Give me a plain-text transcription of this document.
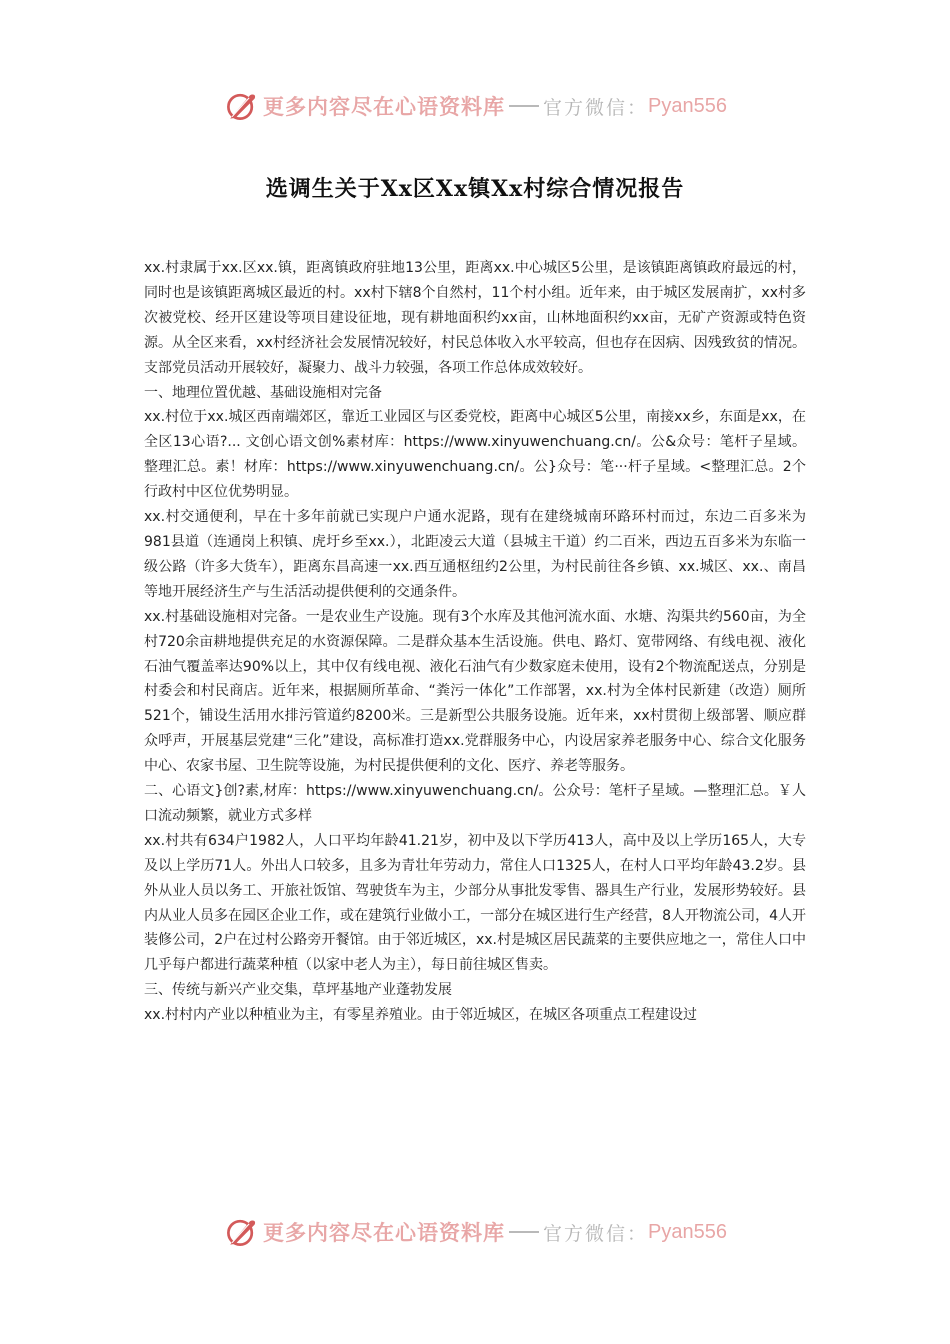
更多内容尽在心语资料库 官方微信： Pyan556
选调生关于Xx区Xx镇Xx村综合情况报告

xx.村隶属于xx.区xx.镇，距离镇政府驻地13公里，距离xx.中心城区5公里，是该镇距离镇政府最远的村，同时也是该镇距离城区最近的村。xx村下辖8个自然村，11个村小组。近年来，由于城区发展南扩，xx村多次被党校、经开区建设等项目建设征地，现有耕地面积约xx亩，山林地面积约xx亩，无矿产资源或特色资源。从全区来看，xx村经济社会发展情况较好，村民总体收入水平较高，但也存在因病、因残致贫的情况。支部党员活动开展较好，凝聚力、战斗力较强，各项工作总体成效较好。

一、地理位置优越、基础设施相对完备

xx.村位于xx.城区西南端郊区，靠近工业园区与区委党校，距离中心城区5公里，南接xx乡，东面是xx，在全区13心语?... 文创心语文创%素材库：https://www.xinyuwenchuang.cn/。公&众号：笔杆子星域。整理汇总。素！材库：https://www.xinyuwenchuang.cn/。公}众号：笔···杆子星域。<整理汇总。2个行政村中区位优势明显。

xx.村交通便利，早在十多年前就已实现户户通水泥路，现有在建绕城南环路环村而过，东边二百多米为981县道（连通岗上积镇、虎圩乡至xx.），北距凌云大道（县城主干道）约二百米，西边五百多米为东临一级公路（许多大货车），距离东昌高速一xx.西互通枢纽约2公里，为村民前往各乡镇、xx.城区、xx.、南昌等地开展经济生产与生活活动提供便利的交通条件。

xx.村基础设施相对完备。一是农业生产设施。现有3个水库及其他河流水面、水塘、沟渠共约560亩，为全村720余亩耕地提供充足的水资源保障。二是群众基本生活设施。供电、路灯、宽带网络、有线电视、液化石油气覆盖率达90%以上，其中仅有线电视、液化石油气有少数家庭未使用，设有2个物流配送点，分别是村委会和村民商店。近年来，根据厕所革命、“粪污一体化”工作部署，xx.村为全体村民新建（改造）厕所521个，铺设生活用水排污管道约8200米。三是新型公共服务设施。近年来，xx村贯彻上级部署、顺应群众呼声，开展基层党建“三化”建设，高标准打造xx.党群服务中心，内设居家养老服务中心、综合文化服务中心、农家书屋、卫生院等设施，为村民提供便利的文化、医疗、养老等服务。

二、心语文}创?素,材库：https://www.xinyuwenchuang.cn/。公众号：笔杆子星域。—整理汇总。￥人口流动频繁，就业方式多样

xx.村共有634户1982人，人口平均年龄41.21岁，初中及以下学历413人，高中及以上学历165人，大专及以上学历71人。外出人口较多，且多为青壮年劳动力，常住人口1325人，在村人口平均年龄43.2岁。县外从业人员以务工、开旅社饭馆、驾驶货车为主，少部分从事批发零售、器具生产行业，发展形势较好。县内从业人员多在园区企业工作，或在建筑行业做小工，一部分在城区进行生产经营，8人开物流公司，4人开装修公司，2户在过村公路旁开餐馆。由于邻近城区，xx.村是城区居民蔬菜的主要供应地之一，常住人口中几乎每户都进行蔬菜种植（以家中老人为主），每日前往城区售卖。

三、传统与新兴产业交集，草坪基地产业蓬勃发展

xx.村村内产业以种植业为主，有零星养殖业。由于邻近城区，在城区各项重点工程建设过

更多内容尽在心语资料库 官方微信： Pyan556
